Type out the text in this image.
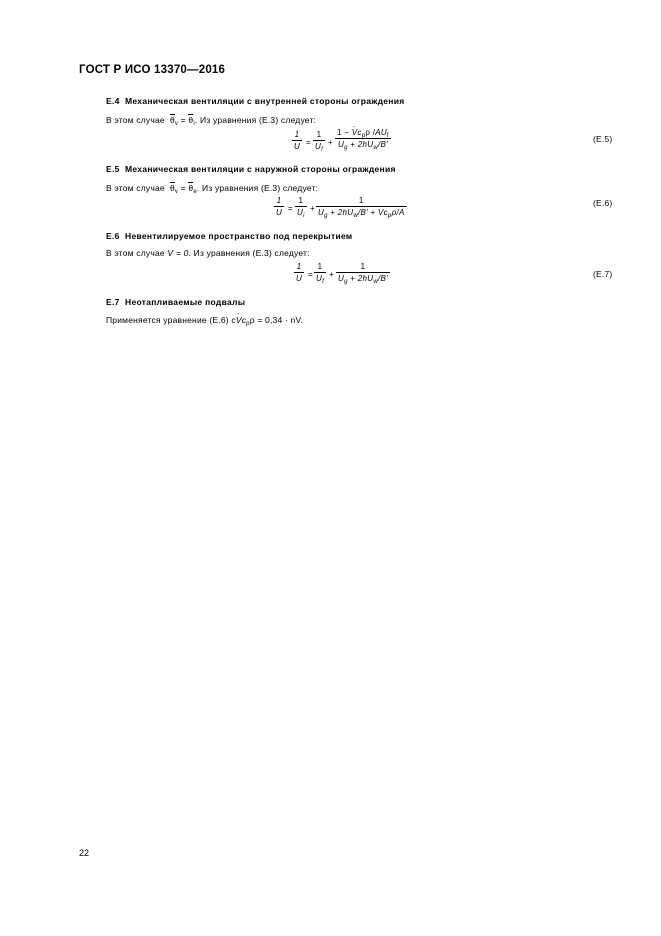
ГОСТ Р ИСО 13370—2016
E.4 Механическая вентиляции с внутренней стороны ограждения
В этом случае $\theta_v = \theta_i$. Из уравнения (E.3) следует:
1
U =
1
$U_f$
+
1 − · $Vc_p\rho$ $/AU_f$
$U_g + 2hU_w/B'$
(E.5)
E.5 Механическая вентиляции с наружной стороны ограждения
В этом случае $\theta_v = \theta_e$. Из уравнения (E.3) следует:
1
U =
1
$U_i$
+
1
$U_g + 2hU_w/B'$ + · $Vc_p\rho/A$
(E.6)
E.6 Невентилируемое пространство под перекрытием
В этом случае V = 0. Из уравнения (E.3) следует:
1
U =
1
$U_f$
+
1
$U_g + 2hU_w/B'$	(E.7)
E.7 Неотапливаемые подвалы
Применяется уравнение (E.6) $с\cdot Vc_p\rho = 0,34$ · nV.
22
